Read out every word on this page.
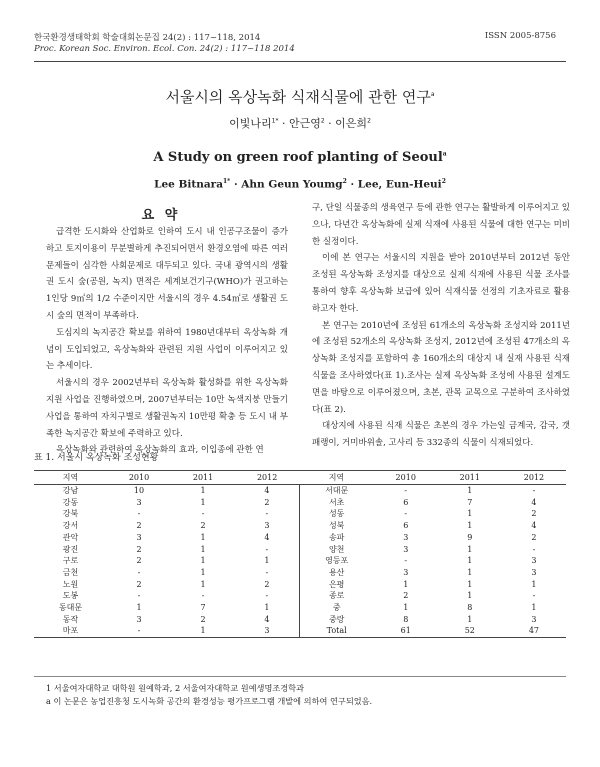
한국환경생태학회 학술대회논문집 24(2) : 117~118, 2014	ISSN 2005-8756
Proc. Korean Soc. Environ. Ecol. Con. 24(2) : 117~118 2014
서울시의 옥상녹화 식재식물에 관한 연구$^a$
이빛나리$^{1*}$ · 안근영$^2$ · 이은희$^2$
A Study on green roof planting of Seoul$^a$
Lee Bitnara$^{1*}$ · Ahn Geun Youmg$^2$ · Lee, Eun-Heui$^2$
요 약

급격한 도시화와 산업화로 인하여 도시 내 인공구조물이 증가하고 토지이용이 무분별하게 추진되어면서 환경오염에 따른 여러 문제들이 심각한 사회문제로 대두되고 있다. 국내 광역시의 생활권 도시 숲(공원, 녹지) 면적은 세계보건기구(WHO)가 권고하는 1인당 9㎡의 1/2 수준이지만 서울시의 경우 4.54㎡로 생활권 도시 숲의 면적이 부족하다.

도심지의 녹지공간 확보를 위하여 1980년대부터 옥상녹화 개념이 도입되었고, 옥상녹화와 관련된 지원 사업이 이루어지고 있는 추세이다.

서울시의 경우 2002년부터 옥상녹화 활성화를 위한 옥상녹화 지원 사업을 진행하였으며, 2007년부터는 10만 녹색지붕 만들기 사업을 통하여 자치구별로 생활권녹지 10만평 확충 등 도시 내 부족한 녹지공간 확보에 주력하고 있다.

옥상녹화와 관련하여 옥상녹화의 효과, 이입종에 관한 연

구, 단일 식물종의 생육연구 등에 관한 연구는 활발하게 이루어지고 있으나, 다년간 옥상녹화에 실제 식재에 사용된 식물에 대한 연구는 미비한 실정이다.

이에 본 연구는 서울시의 지원을 받아 2010년부터 2012년 동안 조성된 옥상녹화 조성지를 대상으로 실제 식재에 사용된 식물 조사를 통하여 향후 옥상녹화 보급에 있어 식재식물 선정의 기초자료로 활용하고자 한다.

본 연구는 2010년에 조성된 61개소의 옥상녹화 조성지와 2011년에 조성된 52개소의 옥상녹화 조성지, 2012년에 조성된 47개소의 옥상녹화 조성지를 포함하여 총 160개소의 대상지 내 실재 사용된 식재식물을 조사하였다(표 1).조사는 실제 옥상녹화 조성에 사용된 설계도면을 바탕으로 이루어졌으며, 초본, 관목 교목으로 구분하여 조사하였다(표 2).

대상지에 사용된 식재 식물은 초본의 경우 가는일 금계국, 감국, 갯패랭이, 거미바위솔, 고사리 등 332종의 식물이 식재되었다.

표 1. 서울시 옥상녹화 조성현황
지역	2010	2011	2012	지역	2010	2011	2012
강남	10	1	4	서대문	-	1	-
강동	3	1	2	서초	6	7	4
강북	-	-	-	성동	-	1	2
강서	2	2	3	성북	6	1	4
관악	3	1	4	송파	3	9	2
광진	2	1	-	양천	3	1	-
구로	2	1	1	영등포	-	1	3
금천	-	1	-	용산	3	1	3
노원	2	1	2	은평	1	1	1
도봉	-	-	-	종로	2	1	-
동대문	1	7	1	중	1	8	1
동작	3	2	4	중랑	8	1	3
마포	-	1	3	Total	61	52	47
1 서울여자대학교 대학원 원예학과, 2 서울여자대학교 원예생명조경학과
a 이 논문은 농업진흥청 도시녹화 공간의 환경성능 평가프로그램 개발에 의하여 연구되었음.
